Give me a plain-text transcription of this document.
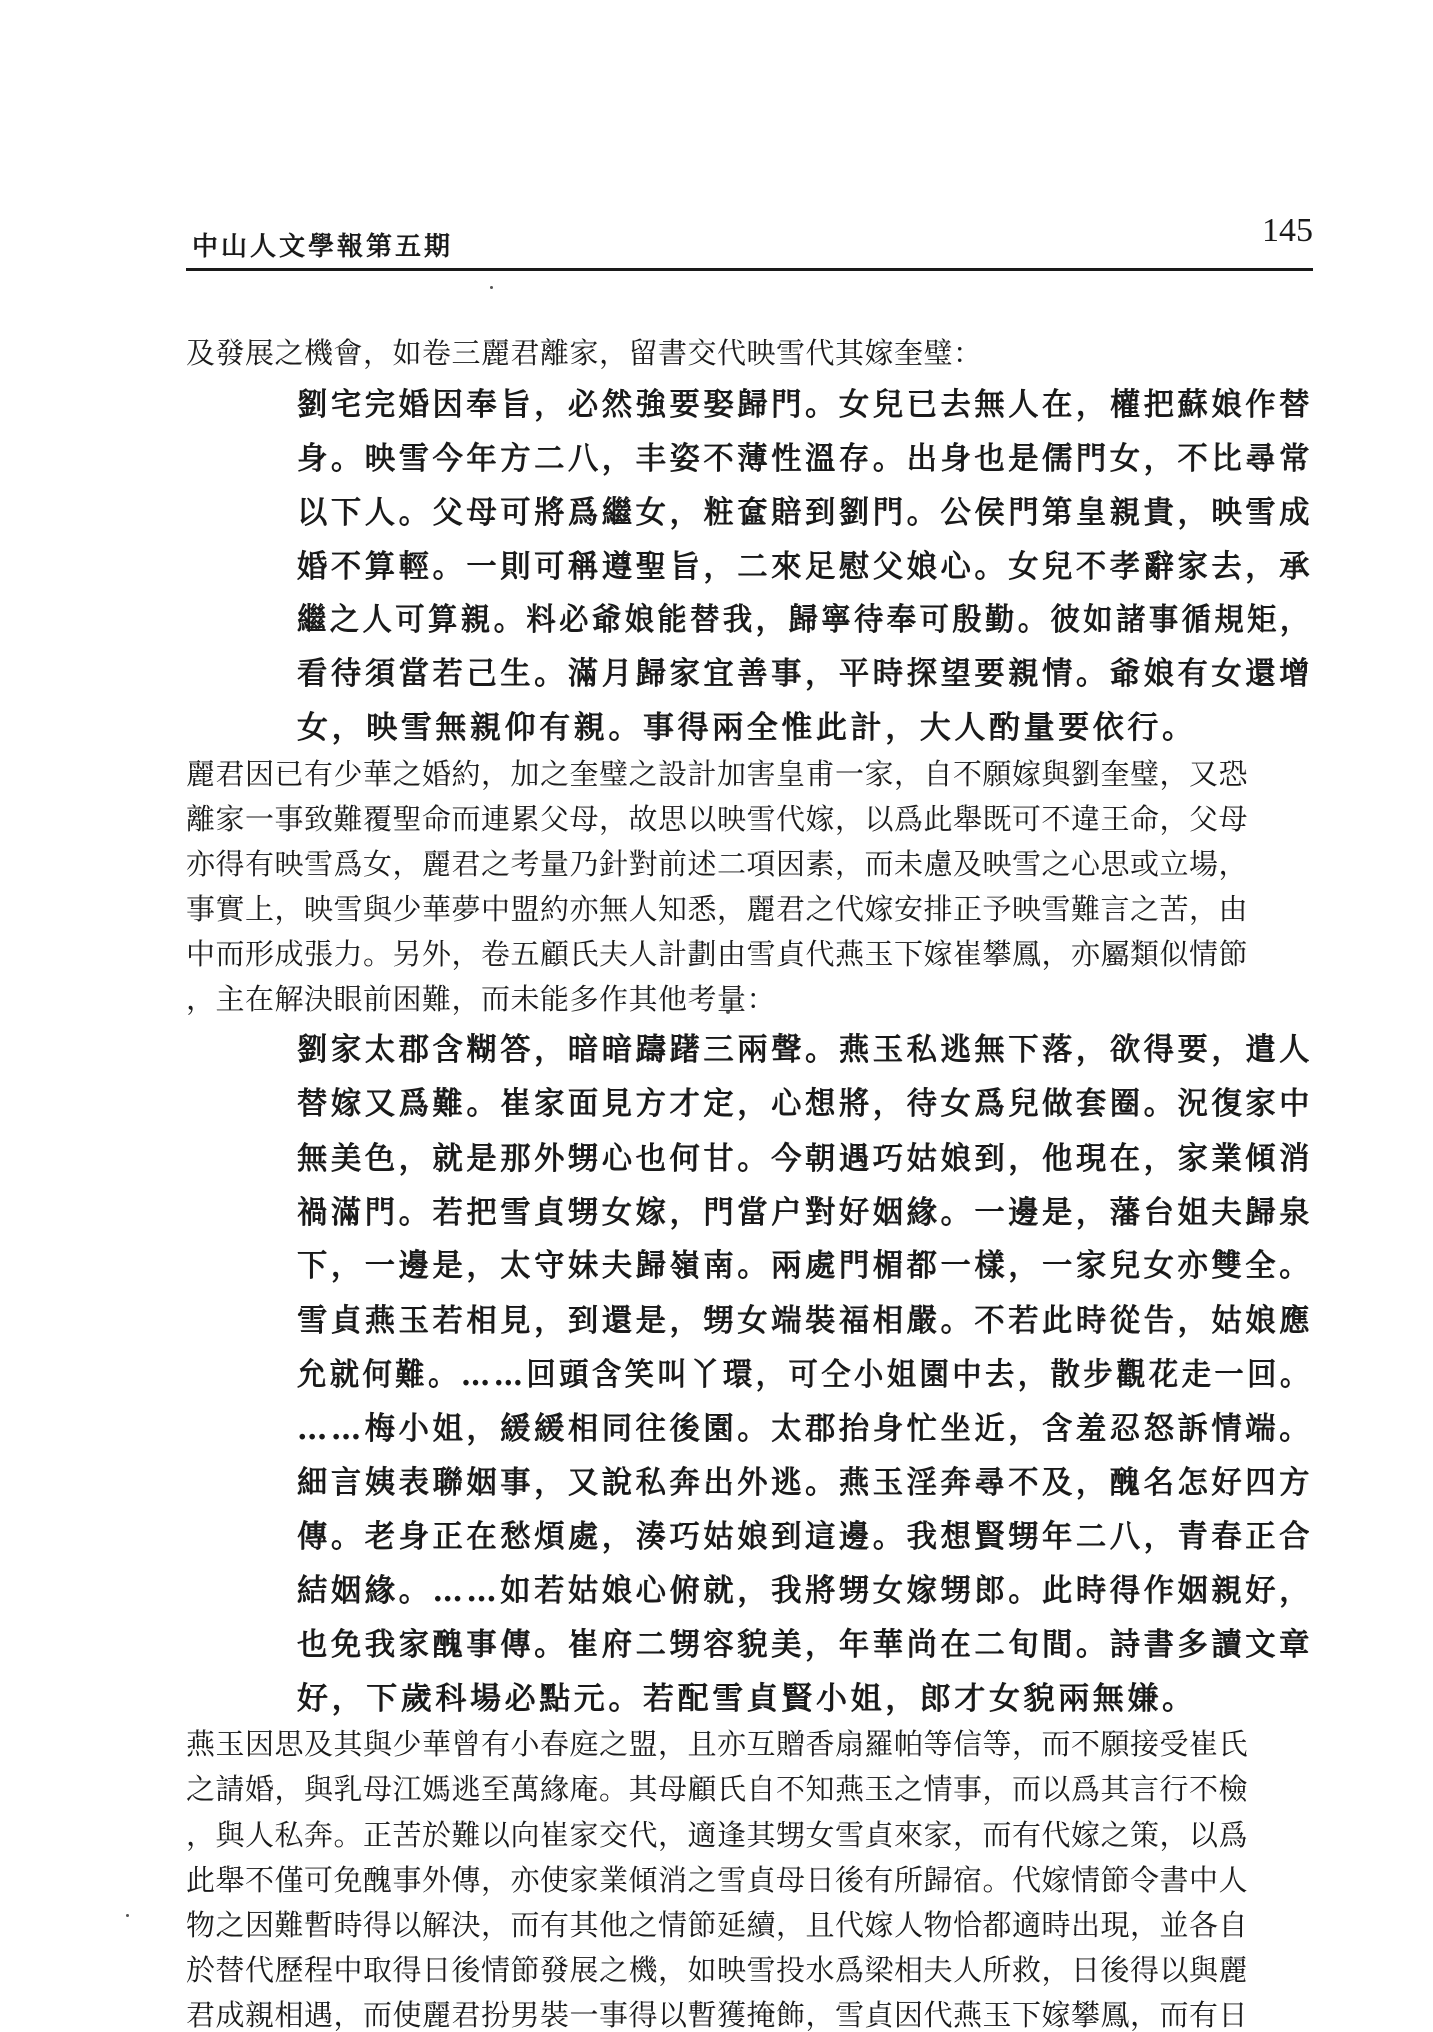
中山人文學報第五期	145
及發展之機會，如卷三麗君離家，留書交代映雪代其嫁奎璧：
劉宅完婚因奉旨，必然強要娶歸門。女兒已去無人在，權把蘇娘作替
身。映雪今年方二八，丰姿不薄性溫存。出身也是儒門女，不比尋常
以下人。父母可將爲繼女，粧奩賠到劉門。公侯門第皇親貴，映雪成
婚不算輕。一則可稱遵聖旨，二來足慰父娘心。女兒不孝辭家去，承
繼之人可算親。料必爺娘能替我，歸寧待奉可殷勤。彼如諸事循規矩，
看待須當若己生。滿月歸家宜善事，平時探望要親情。爺娘有女還增
女，映雪無親仰有親。事得兩全惟此計，大人酌量要依行。
麗君因已有少華之婚約，加之奎璧之設計加害皇甫一家，自不願嫁與劉奎璧，又恐
離家一事致難覆聖命而連累父母，故思以映雪代嫁，以爲此舉既可不違王命，父母
亦得有映雪爲女，麗君之考量乃針對前述二項因素，而未慮及映雪之心思或立場，
事實上，映雪與少華夢中盟約亦無人知悉，麗君之代嫁安排正予映雪難言之苦，由
中而形成張力。另外，卷五顧氏夫人計劃由雪貞代燕玉下嫁崔攀鳳，亦屬類似情節
，主在解決眼前困難，而未能多作其他考量：
劉家太郡含糊答，暗暗躊躇三兩聲。燕玉私逃無下落，欲得要，遣人
替嫁又爲難。崔家面見方才定，心想將，待女爲兒做套圈。況復家中
無美色，就是那外甥心也何甘。今朝遇巧姑娘到，他現在，家業傾消
禍滿門。若把雪貞甥女嫁，門當户對好姻緣。一邊是，藩台姐夫歸泉
下，一邊是，太守妹夫歸嶺南。兩處門楣都一樣，一家兒女亦雙全。
雪貞燕玉若相見，到還是，甥女端裝福相嚴。不若此時從告，姑娘應
允就何難。……回頭含笑叫丫環，可仝小姐園中去，散步觀花走一回。
……梅小姐，緩緩相同往後園。太郡抬身忙坐近，含羞忍怒訴情端。
細言姨表聯姻事，又說私奔出外逃。燕玉淫奔尋不及，醜名怎好四方
傳。老身正在愁煩處，湊巧姑娘到這邊。我想賢甥年二八，青春正合
結姻緣。……如若姑娘心俯就，我將甥女嫁甥郎。此時得作姻親好，
也免我家醜事傳。崔府二甥容貌美，年華尚在二旬間。詩書多讀文章
好，下歲科場必點元。若配雪貞賢小姐，郎才女貌兩無嫌。
燕玉因思及其與少華曾有小春庭之盟，且亦互贈香扇羅帕等信等，而不願接受崔氏
之請婚，與乳母江媽逃至萬緣庵。其母顧氏自不知燕玉之情事，而以爲其言行不檢
，與人私奔。正苦於難以向崔家交代，適逢其甥女雪貞來家，而有代嫁之策，以爲
此舉不僅可免醜事外傳，亦使家業傾消之雪貞母日後有所歸宿。代嫁情節令書中人
物之因難暫時得以解決，而有其他之情節延續，且代嫁人物恰都適時出現，並各自
於替代歷程中取得日後情節發展之機，如映雪投水爲梁相夫人所救，日後得以與麗
君成親相遇，而使麗君扮男裝一事得以暫獲掩飾，雪貞因代燕玉下嫁攀鳳，而有日
